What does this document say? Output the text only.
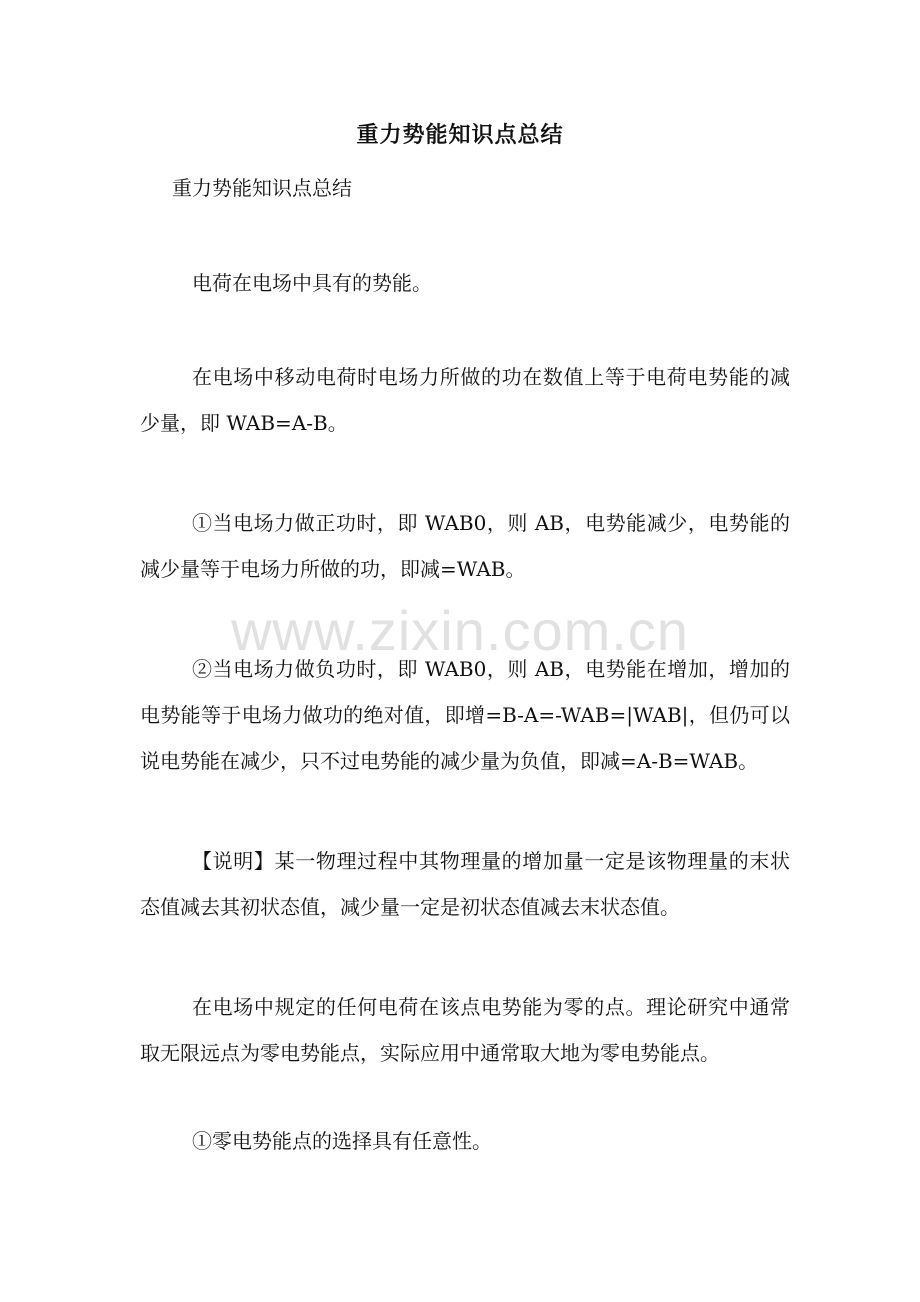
重力势能知识点总结
重力势能知识点总结
电荷在电场中具有的势能。
在电场中移动电荷时电场力所做的功在数值上等于电荷电势能的减少量，即 WAB=A-B。
①当电场力做正功时，即 WAB0，则 AB，电势能减少，电势能的减少量等于电场力所做的功，即减=WAB。
②当电场力做负功时，即 WAB0，则 AB，电势能在增加，增加的电势能等于电场力做功的绝对值，即增=B-A=-WAB=|WAB|，但仍可以说电势能在减少，只不过电势能的减少量为负值，即减=A-B=WAB。
【说明】某一物理过程中其物理量的增加量一定是该物理量的末状态值减去其初状态值，减少量一定是初状态值减去末状态值。
在电场中规定的任何电荷在该点电势能为零的点。理论研究中通常取无限远点为零电势能点，实际应用中通常取大地为零电势能点。
①零电势能点的选择具有任意性。
www.zixin.com.cn
